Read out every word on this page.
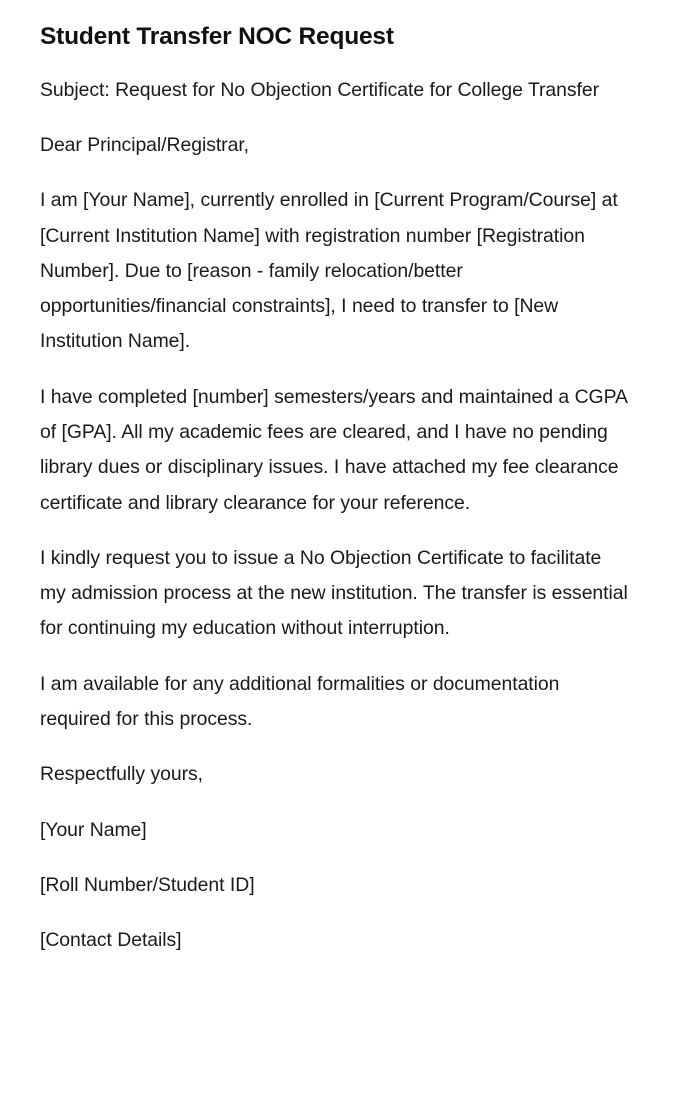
Student Transfer NOC Request

Subject: Request for No Objection Certificate for College Transfer

Dear Principal/Registrar,

I am [Your Name], currently enrolled in [Current Program/Course] at [Current Institution Name] with registration number [Registration Number]. Due to [reason - family relocation/better opportunities/financial constraints], I need to transfer to [New Institution Name].

I have completed [number] semesters/years and maintained a CGPA of [GPA]. All my academic fees are cleared, and I have no pending library dues or disciplinary issues. I have attached my fee clearance certificate and library clearance for your reference.

I kindly request you to issue a No Objection Certificate to facilitate my admission process at the new institution. The transfer is essential for continuing my education without interruption.

I am available for any additional formalities or documentation required for this process.

Respectfully yours,

[Your Name]

[Roll Number/Student ID]

[Contact Details]
